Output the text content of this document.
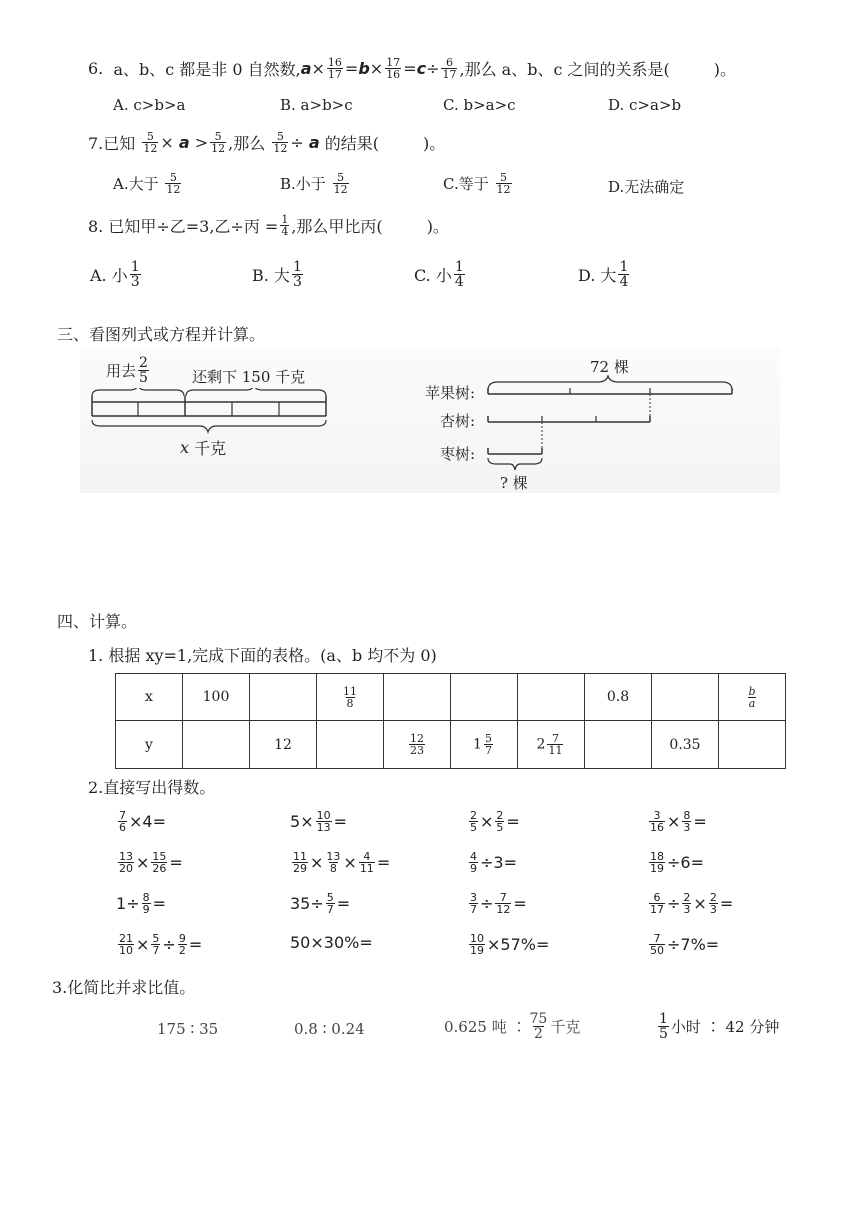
6.
a、b、c 都是非 0 自然数, $a \times \frac{16}{17} = b \times \frac{17}{16} = c \div \frac{6}{17}$ ,那么 a、b、c 之间的关系是(	)。
A. c>b>a	B. a>b>c	C. b>a>c	D. c>a>b
7.已知
$\frac{5}{12}$ ×
a
> $\frac{5}{12}$ ,那么
$\frac{5}{12}$ ÷
a
的结果(	)。
A.大于
$\frac{5}{12}$	B.小于
$\frac{5}{12}$	C.等于
$\frac{5}{12}$	D.无法确定
8. 已知甲÷乙=3,乙÷丙 = $\frac{1}{4}$ ,那么甲比丙(	)。
A. 小 $\frac{1}{3}$	B. 大 $\frac{1}{3}$	C. 小 $\frac{1}{4}$	D. 大 $\frac{1}{4}$
三、看图列式或方程并计算。
用去 $\frac{2}{5}$	还剩下 150 千克
x
千克
72 棵
苹果树:
杏树:
枣树:
? 棵
四、计算。
1. 根据 xy=1,完成下面的表格。(a、b 均不为 0)
x	100		$\frac{11}{8}$				0.8		$\frac{b}{a}$

y		12		$\frac{12}{23}$	$1 \frac{5}{7}$	$2 \frac{7}{11}$		0.35	
2.直接写出得数。
$\frac{7}{6} \times 4$ =	$5 \times \frac{10}{13}$ =	$\frac{2}{5} \times \frac{2}{5}$ =	$\frac{3}{16} \times \frac{8}{3}$ =
$\frac{13}{20} \times \frac{15}{26}$ =	$\frac{11}{29} \times \frac{13}{8} \times \frac{4}{11}$ =	$\frac{4}{9} \div 3$ =	$\frac{18}{19} \div 6$ =
$1 \div \frac{8}{9}$ =	$35 \div \frac{5}{7}$ =	$\frac{3}{7} \div \frac{7}{12}$ =	$\frac{6}{17} \div \frac{2}{3} \times \frac{2}{3}$ =
$\frac{21}{10} \times \frac{5}{7} \div \frac{9}{2}$ =	50 × 30% =	$\frac{10}{19} \times 57\%$ =	$\frac{7}{50} \div 7\%$ =
3.化简比并求比值。
175 ∶ 35	0.8 ∶ 0.24	0.625 吨 ∶ $\frac{75}{2}$ 千克	$\frac{1}{5}$ 小时 ∶ 42 分钟
